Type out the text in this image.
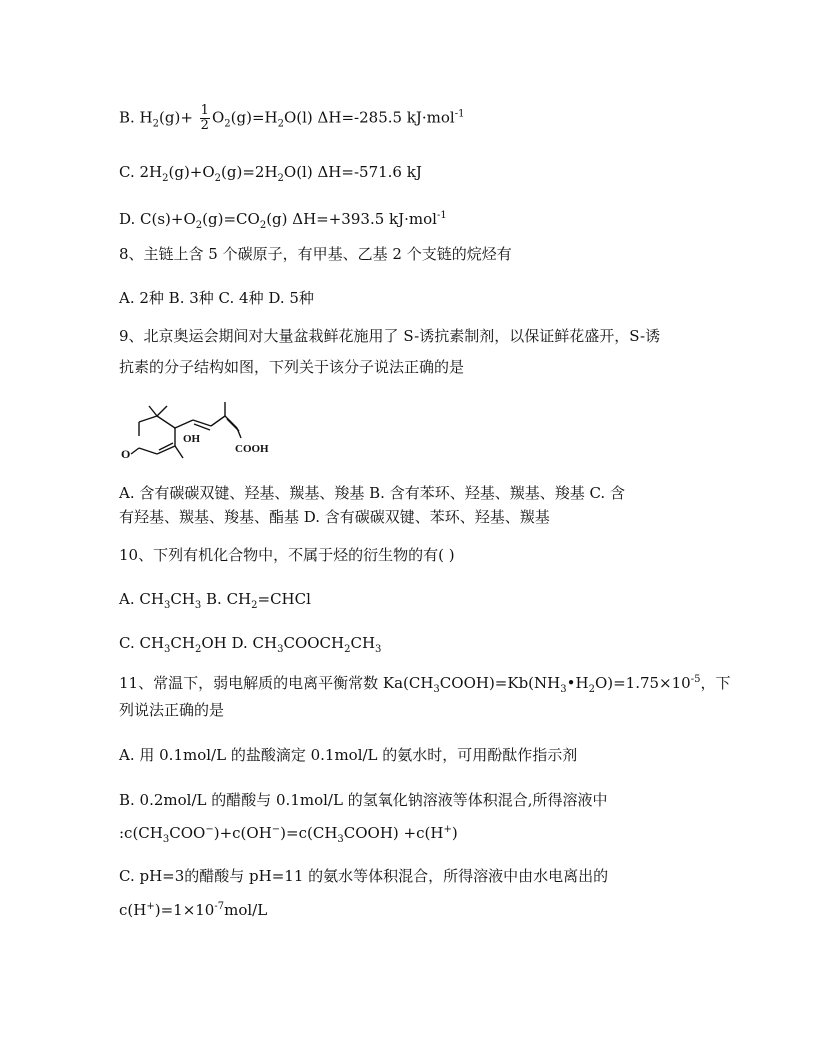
B. $H_2(g)+ \frac{1}{2} O_2(g)=H_2O(l)$ ΔH=-285.5 kJ·mol$^{-1}$
C. $2H_2(g)+O_2(g)=2H_2O(l)$ ΔH=-571.6 kJ
D. $C(s)+O_2(g)=CO_2(g)$ ΔH=+393.5 kJ·mol$^{-1}$
8、主链上含 5 个碳原子，有甲基、乙基 2 个支链的烷烃有
A. 2种 B. 3种 C. 4种 D. 5种
9、北京奥运会期间对大量盆栽鲜花施用了 S-诱抗素制剂，以保证鲜花盛开，S-诱
抗素的分子结构如图，下列关于该分子说法正确的是
OH
COOH
O
A. 含有碳碳双键、羟基、羰基、羧基 B. 含有苯环、羟基、羰基、羧基 C. 含
有羟基、羰基、羧基、酯基 D. 含有碳碳双键、苯环、羟基、羰基
10、下列有机化合物中，不属于烃的衍生物的有( )
A. $CH_3CH_3$ B. $CH_2=CHCl$
C. $CH_3CH_2OH$ D. $CH_3COOCH_2CH_3$
11、常温下，弱电解质的电离平衡常数 $Ka(CH_3COOH)=Kb(NH_3•H_2O)=1.75\times 10^{-5}$，下
列说法正确的是
A. 用 0.1mol/L 的盐酸滴定 0.1mol/L 的氨水时，可用酚酞作指示剂
B. 0.2mol/L 的醋酸与 0.1mol/L 的氢氧化钠溶液等体积混合,所得溶液中
$:c(CH_3COO^-)+c(OH^-)=c(CH_3COOH) +c(H^+)$
C. pH=3的醋酸与 pH=11 的氨水等体积混合，所得溶液中由水电离出的
$c(H^+)=1\times 10^{-7}mol/L$
